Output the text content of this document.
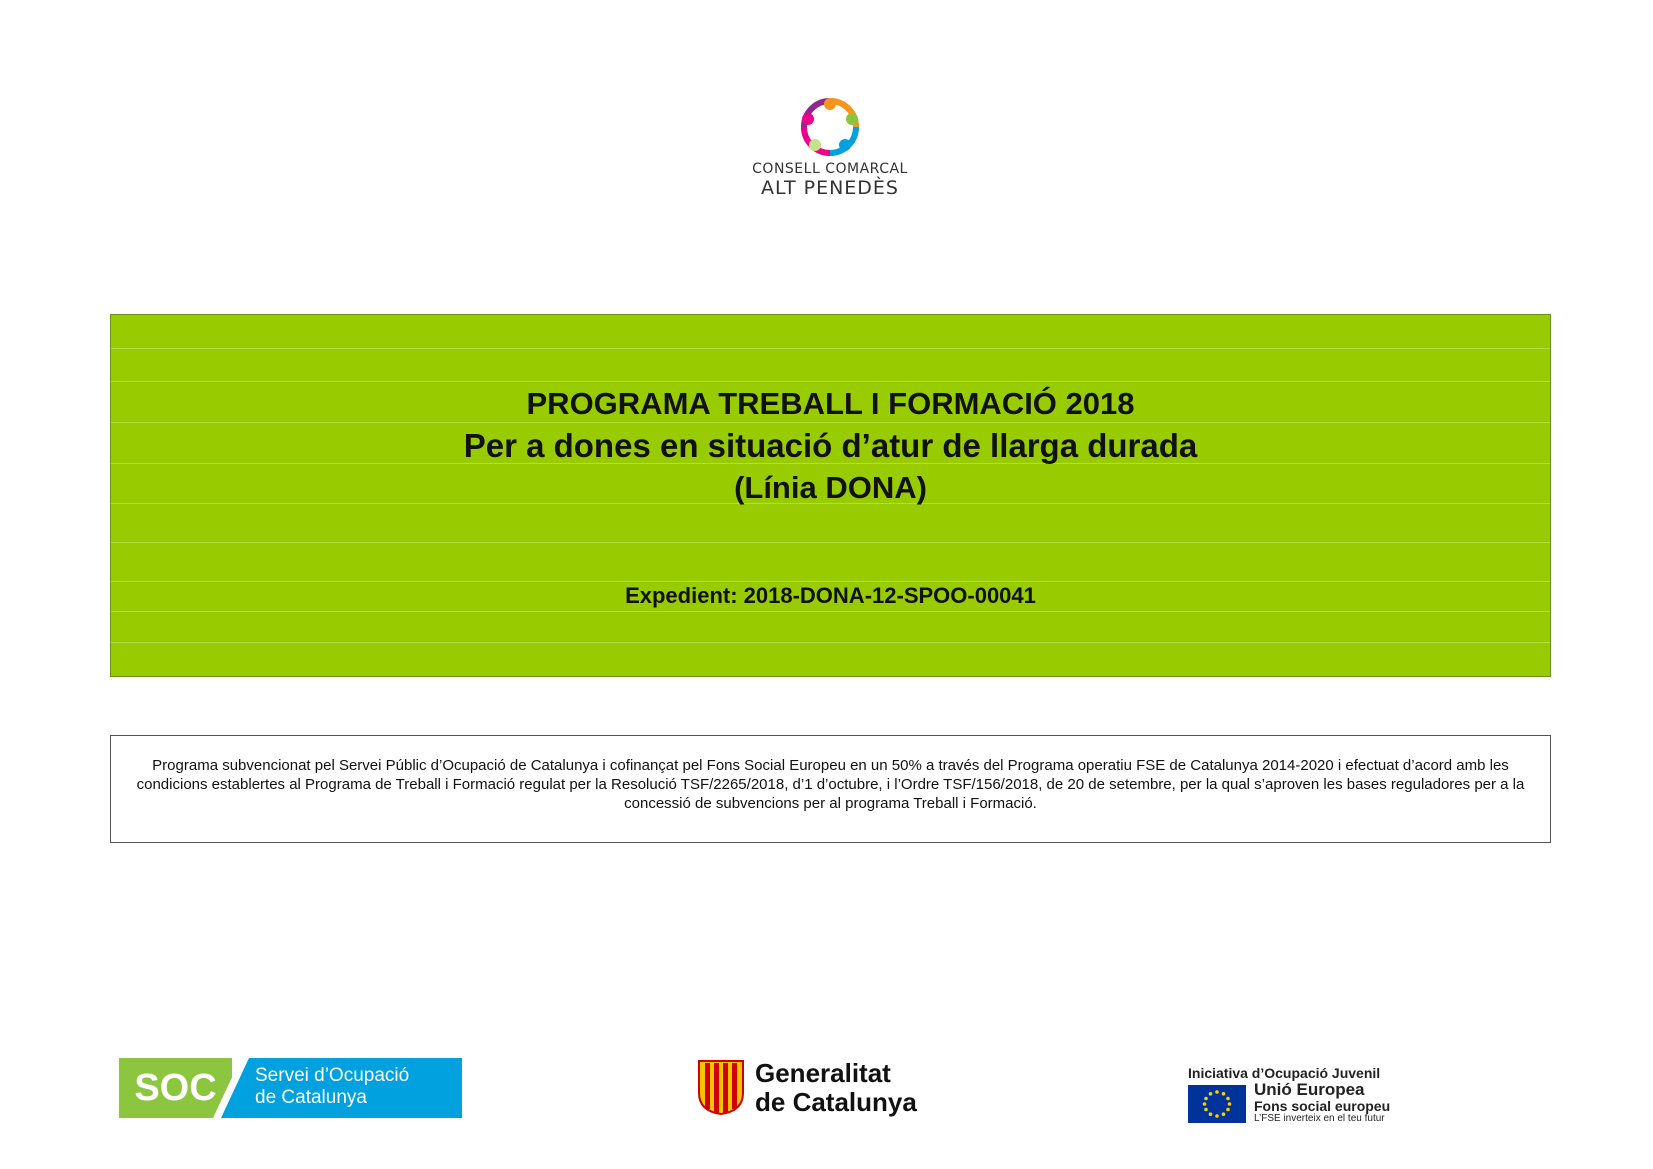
CONSELL COMARCAL
ALT PENEDÈS
PROGRAMA TREBALL I FORMACIÓ 2018
Per a dones en situació d’atur de llarga durada
(Línia DONA)
Expedient: 2018-DONA-12-SPOO-00041
Programa subvencionat pel Servei Públic d’Ocupació de Catalunya i cofinançat pel Fons Social Europeu en un 50% a través del Programa operatiu FSE de Catalunya 2014-2020 i efectuat d’acord amb les condicions establertes al Programa de Treball i Formació regulat per la Resolució TSF/2265/2018, d’1 d’octubre, i l’Ordre TSF/156/2018, de 20 de setembre, per la qual s’aproven les bases reguladores per a la concessió de subvencions per al programa Treball i Formació.
SOC	Servei d’Ocupació
de Catalunya
Generalitat
de Catalunya
Iniciativa d’Ocupació Juvenil
Unió Europea
Fons social europeu
L’FSE inverteix en el teu futur
